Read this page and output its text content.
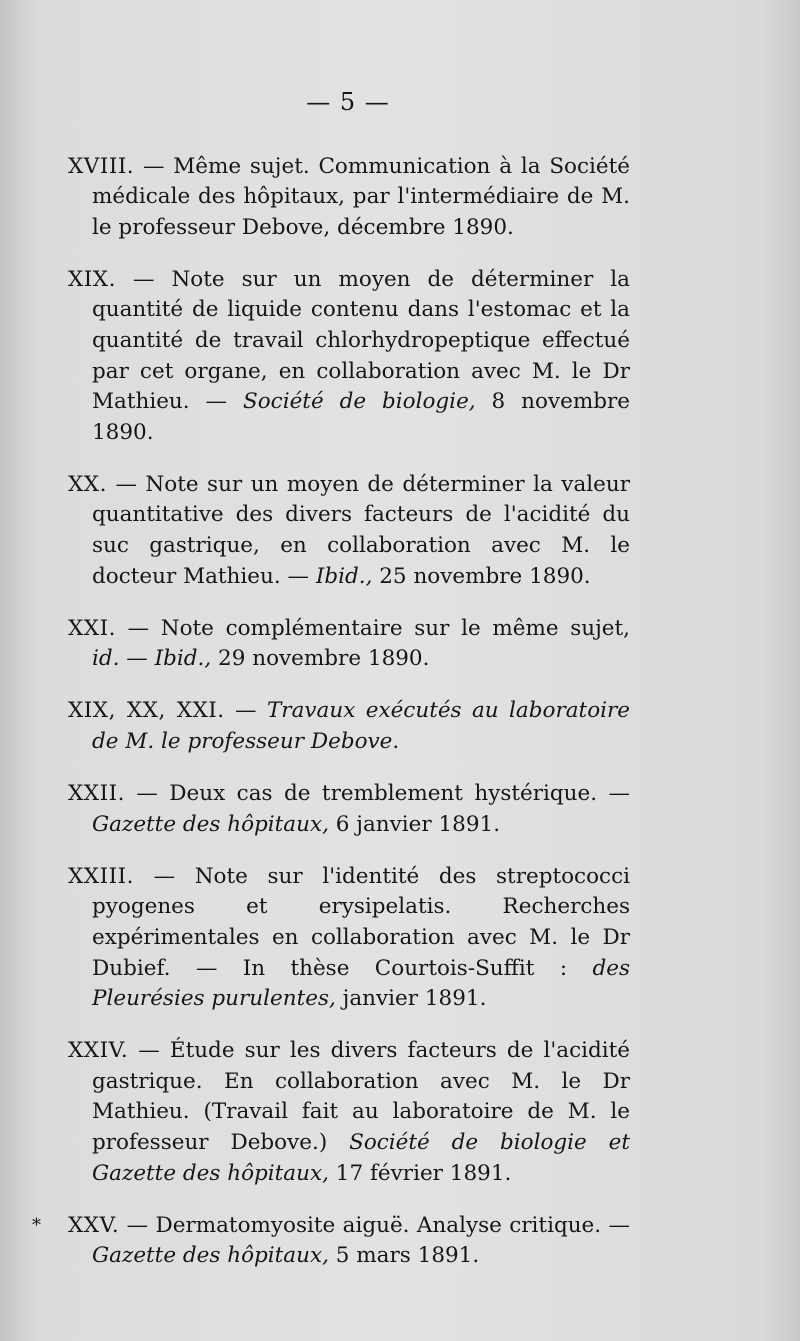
— 5 —

XVIII. — Même sujet. Communication à la Société médicale des hôpitaux, par l'intermédiaire de M. le professeur Debove, décembre 1890.

XIX. — Note sur un moyen de déterminer la quantité de liquide contenu dans l'estomac et la quantité de travail chlorhydropeptique effectué par cet organe, en collaboration avec M. le Dr Mathieu. — Société de biologie, 8 novembre 1890.

XX. — Note sur un moyen de déterminer la valeur quantitative des divers facteurs de l'acidité du suc gastrique, en collaboration avec M. le docteur Mathieu. — Ibid., 25 novembre 1890.

XXI. — Note complémentaire sur le même sujet, id. — Ibid., 29 novembre 1890.

XIX, XX, XXI. — Travaux exécutés au laboratoire de M. le professeur Debove.

XXII. — Deux cas de tremblement hystérique. — Gazette des hôpitaux, 6 janvier 1891.

XXIII. — Note sur l'identité des streptococci pyogenes et erysipelatis. Recherches expérimentales en collaboration avec M. le Dr Dubief. — In thèse Courtois-Suffit : des Pleurésies purulentes, janvier 1891.

XXIV. — Étude sur les divers facteurs de l'acidité gastrique. En collaboration avec M. le Dr Mathieu. (Travail fait au laboratoire de M. le professeur Debove.) Société de biologie et Gazette des hôpitaux, 17 février 1891.

*	XXV. — Dermatomyosite aiguë. Analyse critique. — Gazette des hôpitaux, 5 mars 1891.
